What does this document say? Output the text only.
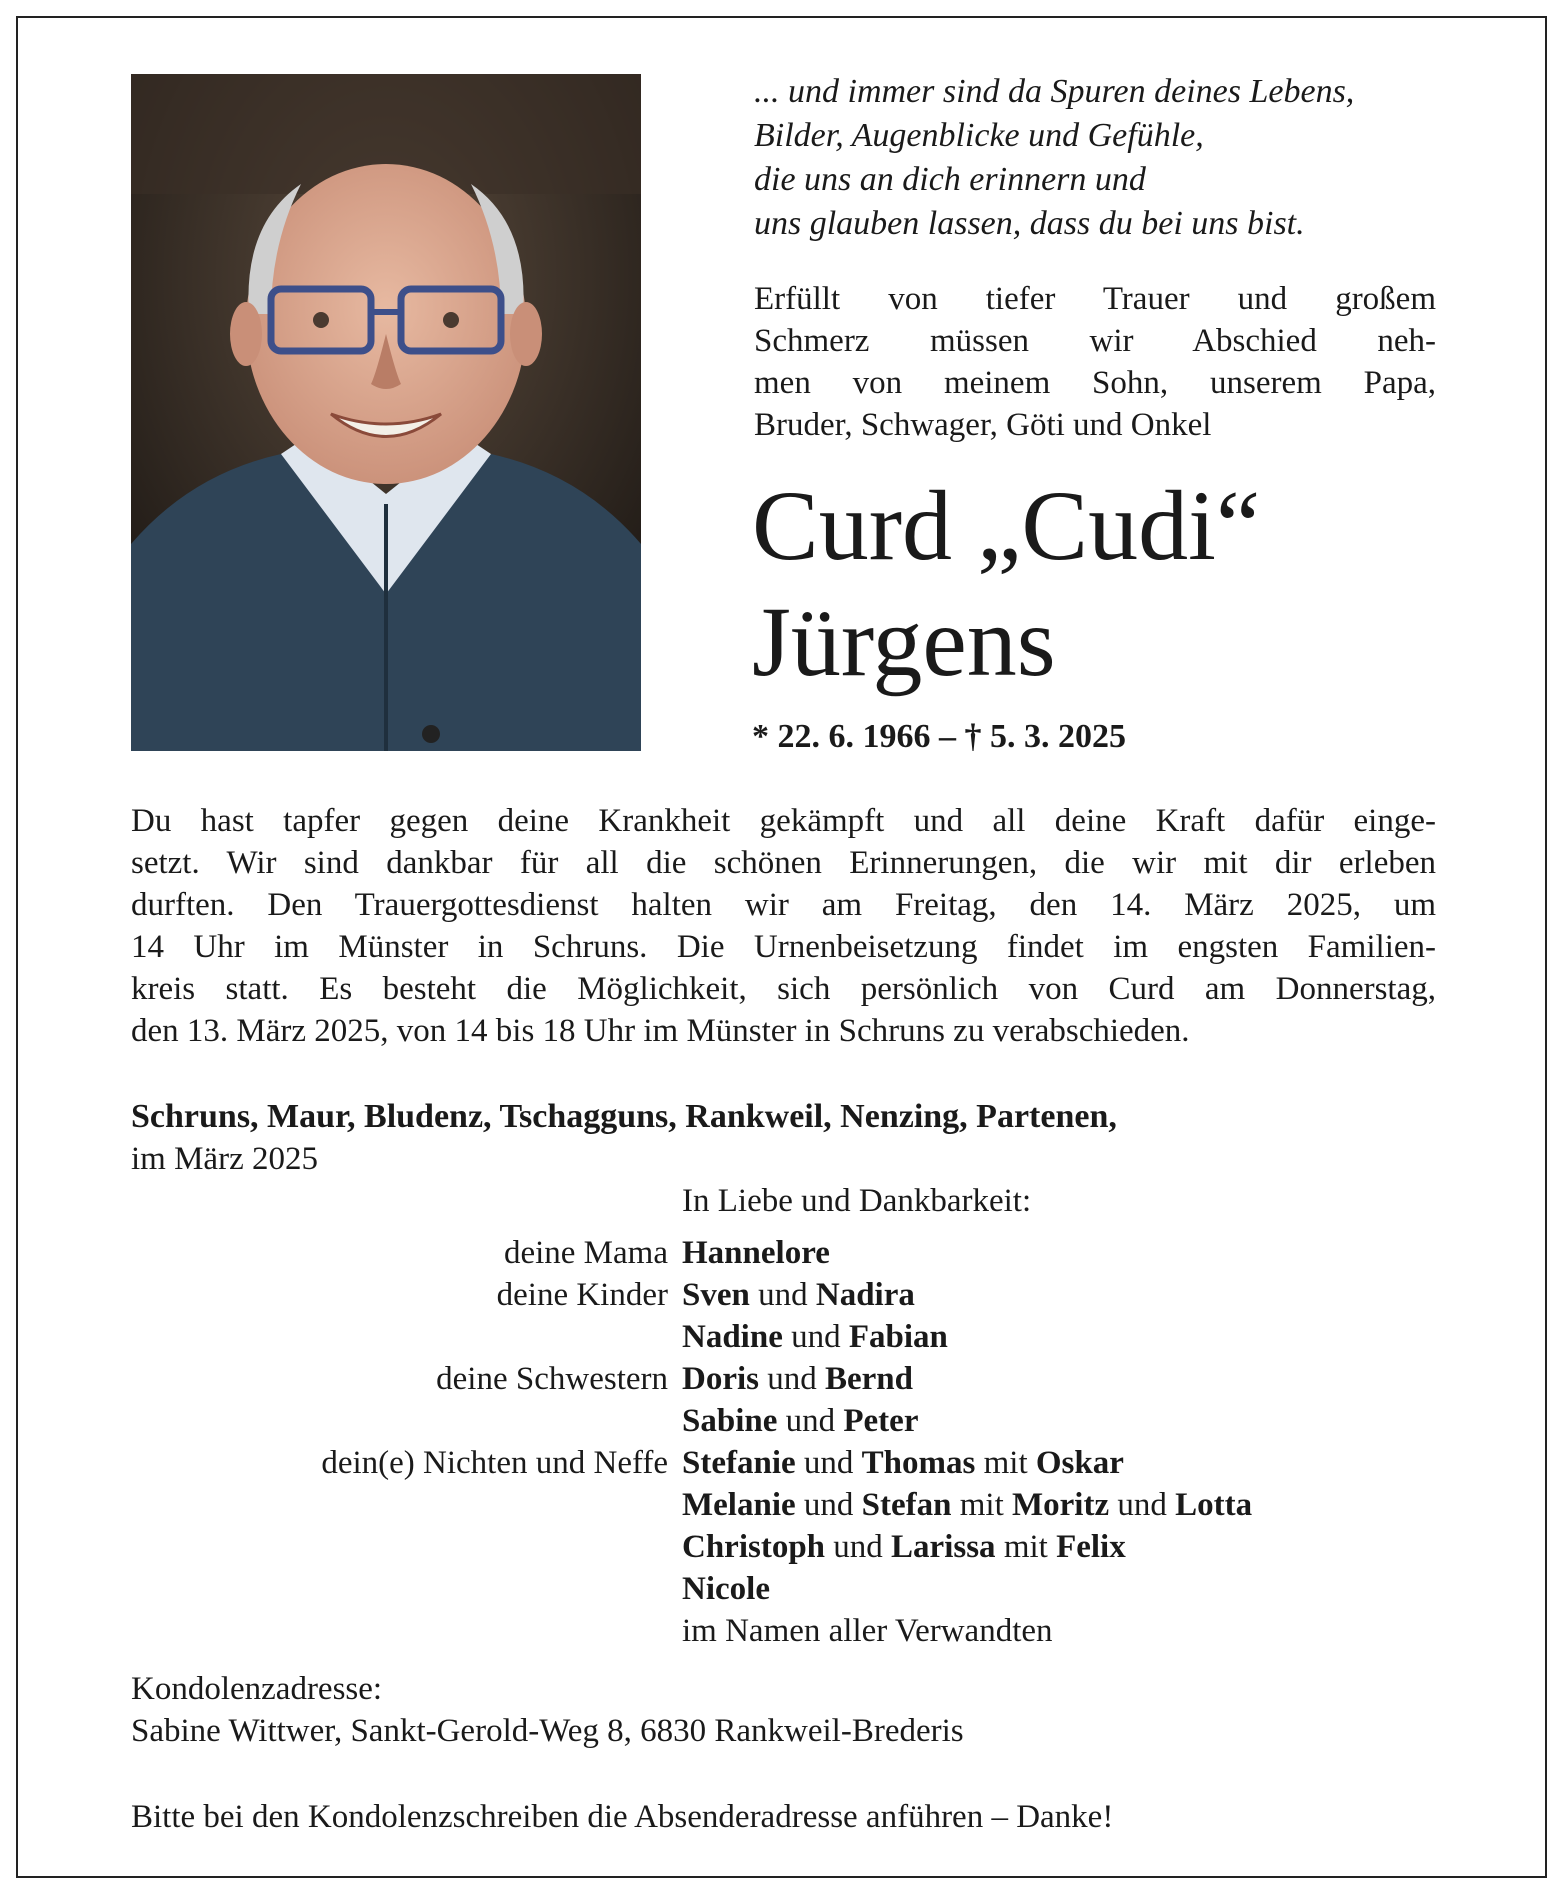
... und immer sind da Spuren deines Lebens,
Bilder, Augenblicke und Gefühle,
die uns an dich erinnern und
uns glauben lassen, dass du bei uns bist.
Erfüllt von tiefer Trauer und großem
Schmerz müssen wir Abschied neh-
men von meinem Sohn, unserem Papa,
Bruder, Schwager, Göti und Onkel
Curd „Cudi“
Jürgens
* 22. 6. 1966 – † 5. 3. 2025
Du hast tapfer gegen deine Krankheit gekämpft und all deine Kraft dafür einge-
setzt. Wir sind dankbar für all die schönen Erinnerungen, die wir mit dir erleben
durften. Den Trauergottesdienst halten wir am Freitag, den 14. März 2025, um
14 Uhr im Münster in Schruns. Die Urnenbeisetzung findet im engsten Familien-
kreis statt. Es besteht die Möglichkeit, sich persönlich von Curd am Donnerstag,
den 13. März 2025, von 14 bis 18 Uhr im Münster in Schruns zu verabschieden.
Schruns, Maur, Bludenz, Tschagguns, Rankweil, Nenzing, Partenen,
im März 2025
In Liebe und Dankbarkeit:
deine Mama Hannelore
deine Kinder Sven und Nadira
Nadine und Fabian
deine Schwestern Doris und Bernd
Sabine und Peter
dein(e) Nichten und Neffe Stefanie und Thomas mit Oskar
Melanie und Stefan mit Moritz und Lotta
Christoph und Larissa mit Felix
Nicole
im Namen aller Verwandten
Kondolenzadresse:
Sabine Wittwer, Sankt-Gerold-Weg 8, 6830 Rankweil-Brederis
Bitte bei den Kondolenzschreiben die Absenderadresse anführen – Danke!
